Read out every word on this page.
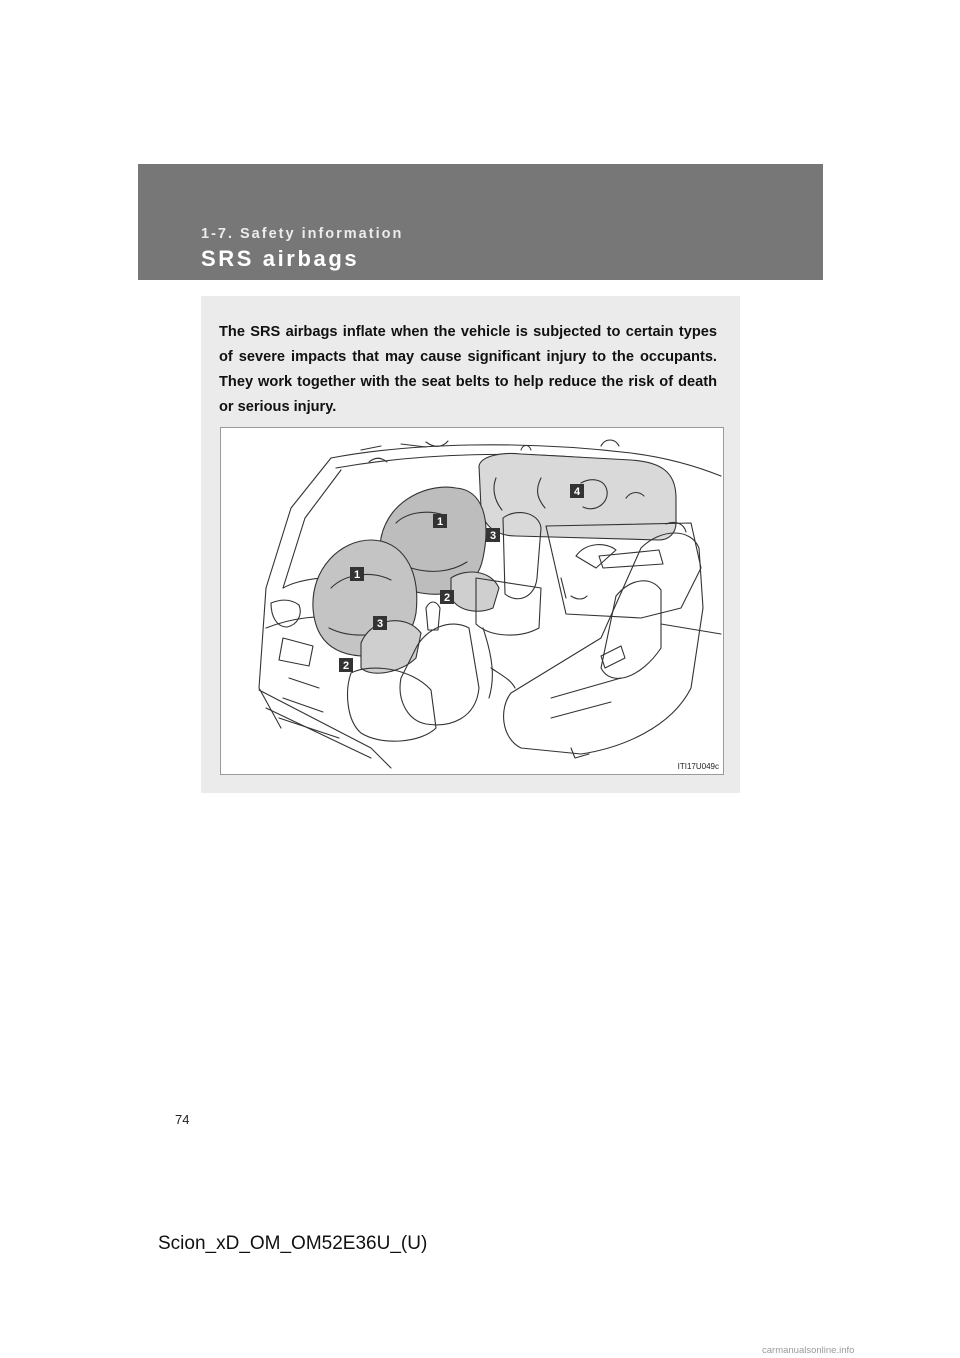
1-7. Safety information
SRS airbags
The SRS airbags inflate when the vehicle is subjected to certain types of severe impacts that may cause significant injury to the occupants. They work together with the seat belts to help reduce the risk of death or serious injury.
1
1
2
2
3
3
4
ITI17U049c
74
Scion_xD_OM_OM52E36U_(U)
carmanualsonline.info
